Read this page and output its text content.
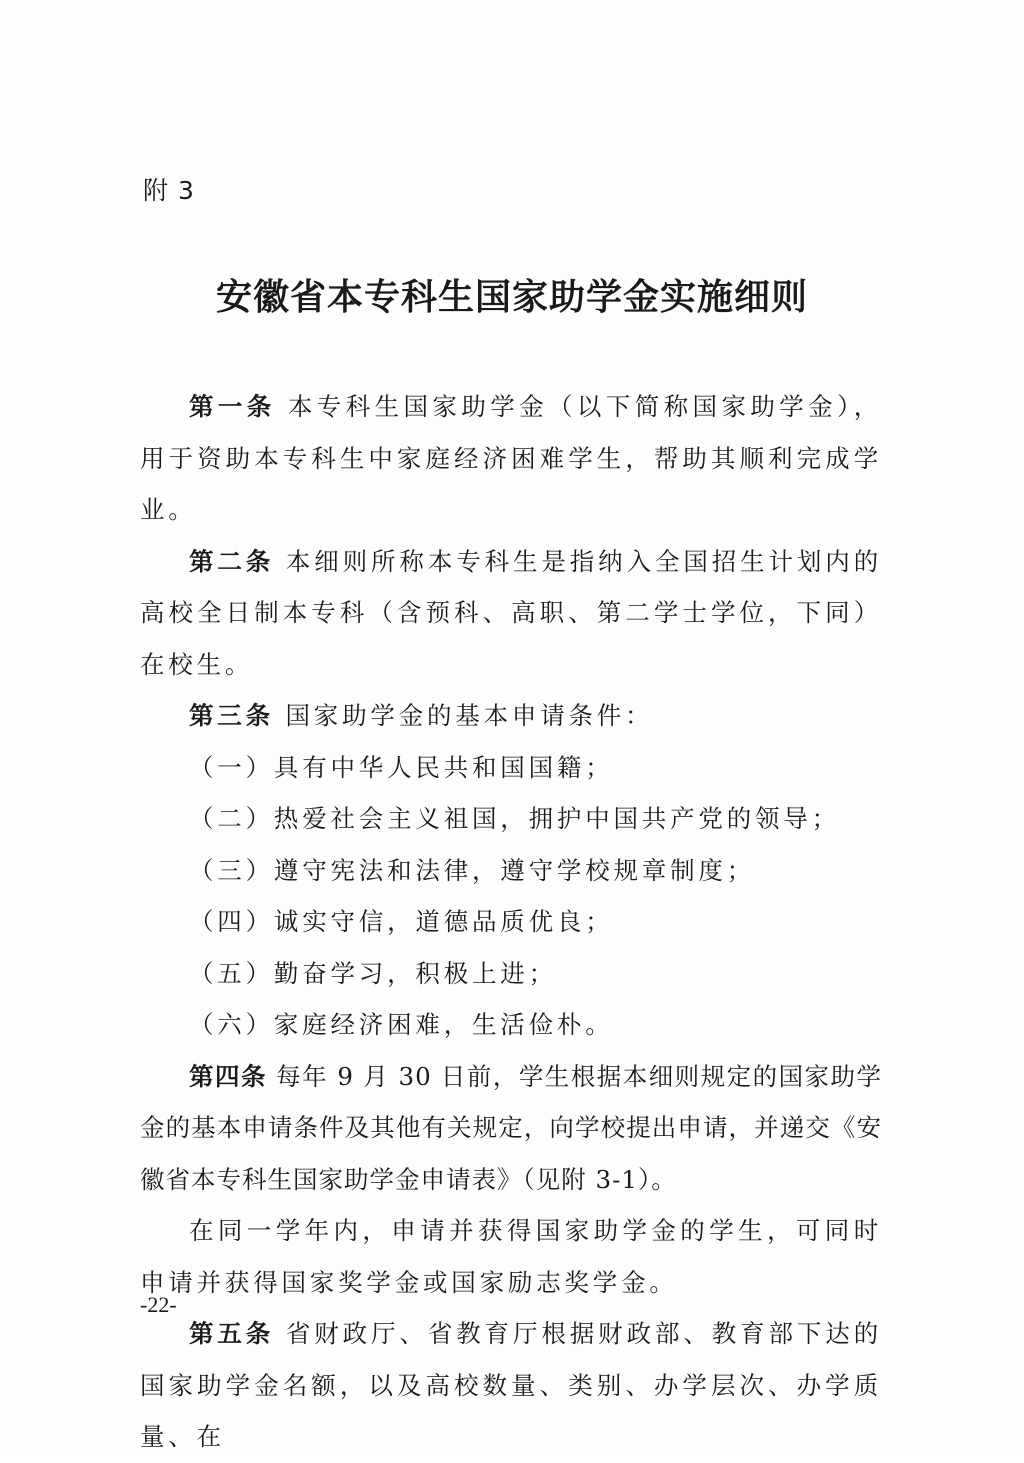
附 3
安徽省本专科生国家助学金实施细则

第一条 本专科生国家助学金（以下简称国家助学金），用于资助本专科生中家庭经济困难学生，帮助其顺利完成学业。

第二条 本细则所称本专科生是指纳入全国招生计划内的高校全日制本专科（含预科、高职、第二学士学位，下同）在校生。

第三条 国家助学金的基本申请条件：

（一）具有中华人民共和国国籍；

（二）热爱社会主义祖国，拥护中国共产党的领导；

（三）遵守宪法和法律，遵守学校规章制度；

（四）诚实守信，道德品质优良；

（五）勤奋学习，积极上进；

（六）家庭经济困难，生活俭朴。

第四条 每年 9 月 30 日前，学生根据本细则规定的国家助学金的基本申请条件及其他有关规定，向学校提出申请，并递交《安徽省本专科生国家助学金申请表》（见附 3-1）。

在同一学年内，申请并获得国家助学金的学生，可同时申请并获得国家奖学金或国家励志奖学金。

第五条 省财政厅、省教育厅根据财政部、教育部下达的国家助学金名额，以及高校数量、类别、办学层次、办学质量、在

-22-
